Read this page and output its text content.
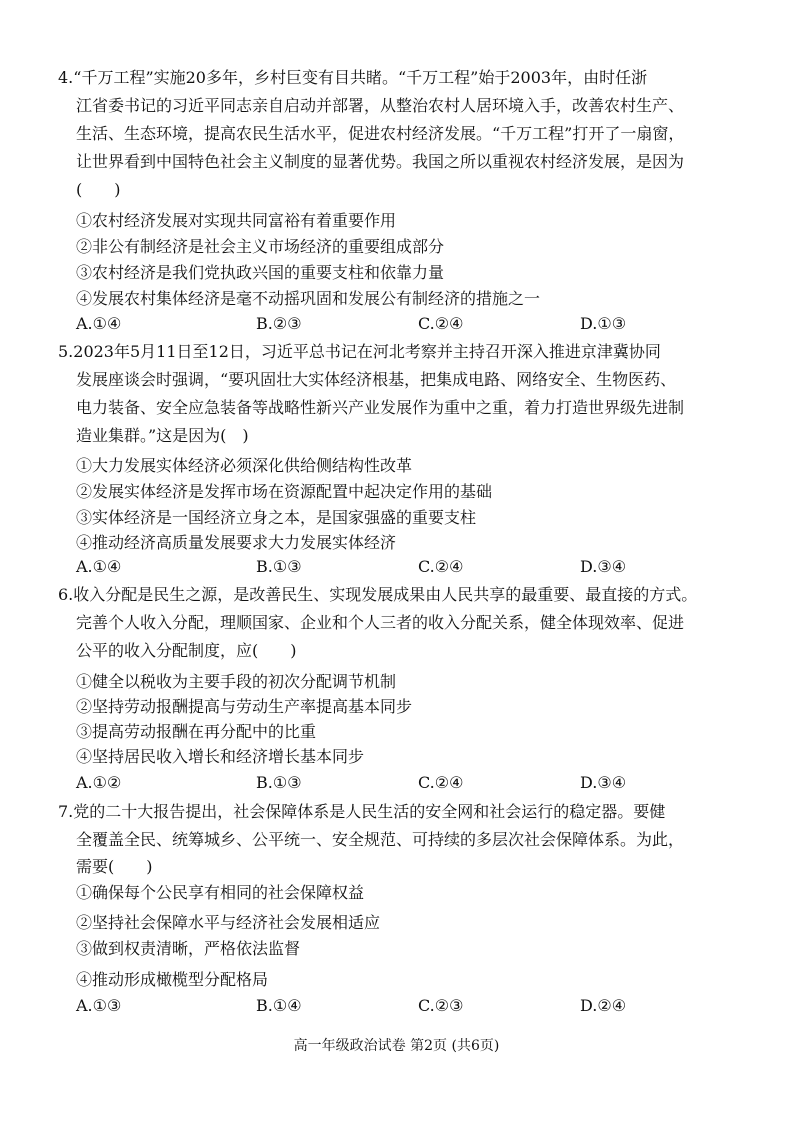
4.“千万工程”实施20多年，乡村巨变有目共睹。“千万工程”始于2003年，由时任浙
江省委书记的习近平同志亲自启动并部署，从整治农村人居环境入手，改善农村生产、
生活、生态环境，提高农民生活水平，促进农村经济发展。“千万工程”打开了一扇窗，
让世界看到中国特色社会主义制度的显著优势。我国之所以重视农村经济发展，是因为
(　　)
①农村经济发展对实现共同富裕有着重要作用
②非公有制经济是社会主义市场经济的重要组成部分
③农村经济是我们党执政兴国的重要支柱和依靠力量
④发展农村集体经济是毫不动摇巩固和发展公有制经济的措施之一
A.①④	B.②③	C.②④	D.①③
5.2023年5月11日至12日，习近平总书记在河北考察并主持召开深入推进京津冀协同
发展座谈会时强调，“要巩固壮大实体经济根基，把集成电路、网络安全、生物医药、
电力装备、安全应急装备等战略性新兴产业发展作为重中之重，着力打造世界级先进制
造业集群。”这是因为(　)
①大力发展实体经济必须深化供给侧结构性改革
②发展实体经济是发挥市场在资源配置中起决定作用的基础
③实体经济是一国经济立身之本，是国家强盛的重要支柱
④推动经济高质量发展要求大力发展实体经济
A.①④	B.①③	C.②④	D.③④
6.收入分配是民生之源，是改善民生、实现发展成果由人民共享的最重要、最直接的方式。
完善个人收入分配，理顺国家、企业和个人三者的收入分配关系，健全体现效率、促进
公平的收入分配制度，应(　　)
①健全以税收为主要手段的初次分配调节机制
②坚持劳动报酬提高与劳动生产率提高基本同步
③提高劳动报酬在再分配中的比重
④坚持居民收入增长和经济增长基本同步
A.①②	B.①③	C.②④	D.③④
7.党的二十大报告提出，社会保障体系是人民生活的安全网和社会运行的稳定器。要健
全覆盖全民、统筹城乡、公平统一、安全规范、可持续的多层次社会保障体系。为此，
需要(　　)
①确保每个公民享有相同的社会保障权益
②坚持社会保障水平与经济社会发展相适应
③做到权责清晰，严格依法监督
④推动形成橄榄型分配格局
A.①③	B.①④	C.②③	D.②④
高一年级政治试卷 第2页 (共6页)
